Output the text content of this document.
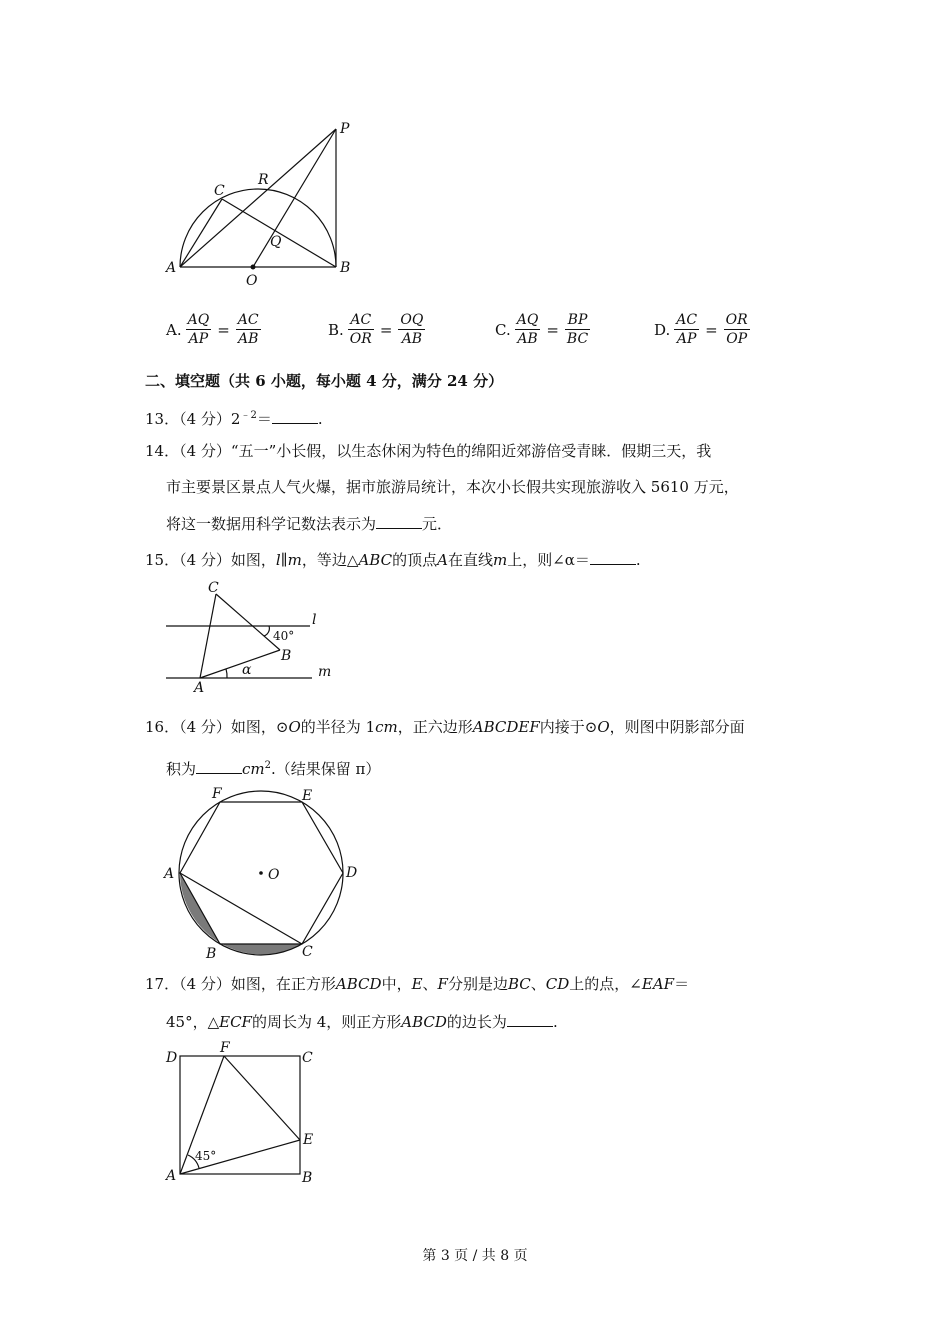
P
R
C
Q
A
O
B
A. $\frac{AQ}{AP} = \frac{AC}{AB}$	B. $\frac{AC}{OR} = \frac{OQ}{AB}$	C. $\frac{AQ}{AB} = \frac{BP}{BC}$	D. $\frac{AC}{AP} = \frac{OR}{OP}$
二、填空题（共 6 小题，每小题 4 分，满分 24 分）
13．（4 分）$2^{﹣2}=$	.
14．（4 分）“五一”小长假，以生态休闲为特色的绵阳近郊游倍受青睐．假期三天，我
市主要景区景点人气火爆，据市旅游局统计，本次小长假共实现旅游收入 5610 万元，
将这一数据用科学记数法表示为	元．
15．（4 分）如图，l∥m，等边△ABC的顶点A在直线m上，则∠α＝	.
C
l
40°
B
α
A
m
16．（4 分）如图，⊙O的半径为 1cm，正六边形ABCDEF内接于⊙O，则图中阴影部分面
积为	$cm^2$.（结果保留 π）
F	E
A	O	D
B	C
17．（4 分）如图，在正方形ABCD中，E、F分别是边BC、CD上的点，∠EAF＝
45°，△ECF的周长为 4，则正方形ABCD的边长为	.
D
F
C
E
45°
A	B
第 3 页 / 共 8 页
